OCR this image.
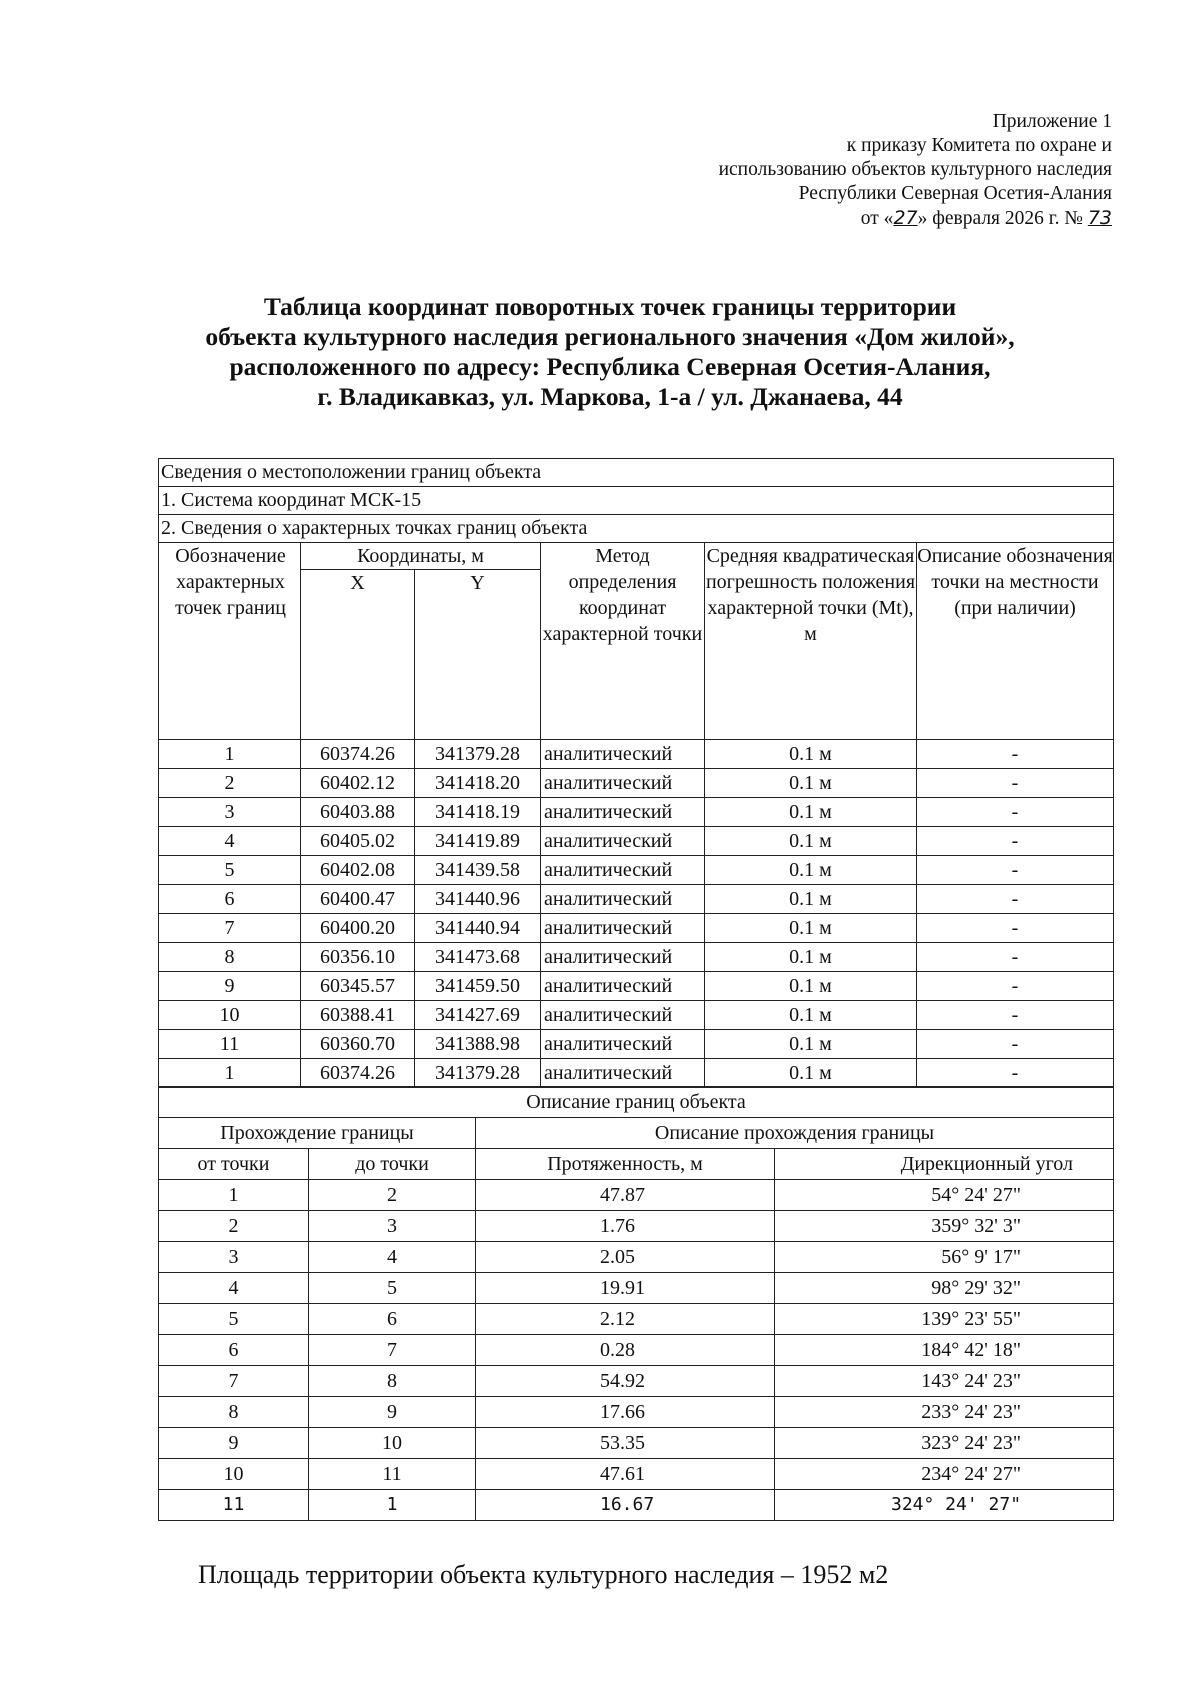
Приложение 1
к приказу Комитета по охране и
использованию объектов культурного наследия
Республики Северная Осетия-Алания
от «27» февраля 2026 г. № 73
Таблица координат поворотных точек границы территории
объекта культурного наследия регионального значения «Дом жилой»,
расположенного по адресу: Республика Северная Осетия-Алания,
г. Владикавказ, ул. Маркова, 1-а / ул. Джанаева, 44
Сведения о местоположении границ объекта					
1. Система координат МСК-15					
2. Сведения о характерных точках границ объекта					
Обозначение характерных точек границ	Координаты, м		Метод определения координат характерной точки	Средняя квадратическая погрешность положения характерной точки (Mt), м	Описание обозначения точки на местности (при наличии)
	X	Y			
1	60374.26	341379.28	аналитический	0.1 м	-
2	60402.12	341418.20	аналитический	0.1 м	-
3	60403.88	341418.19	аналитический	0.1 м	-
4	60405.02	341419.89	аналитический	0.1 м	-
5	60402.08	341439.58	аналитический	0.1 м	-
6	60400.47	341440.96	аналитический	0.1 м	-
7	60400.20	341440.94	аналитический	0.1 м	-
8	60356.10	341473.68	аналитический	0.1 м	-
9	60345.57	341459.50	аналитический	0.1 м	-
10	60388.41	341427.69	аналитический	0.1 м	-
11	60360.70	341388.98	аналитический	0.1 м	-
1	60374.26	341379.28	аналитический	0.1 м	-
Описание границ объекта			
Прохождение границы		Описание прохождения границы	
от точки	до точки	Протяженность, м	Дирекционный угол
1	2	47.87	54° 24' 27"
2	3	1.76	359° 32' 3"
3	4	2.05	56° 9' 17"
4	5	19.91	98° 29' 32"
5	6	2.12	139° 23' 55"
6	7	0.28	184° 42' 18"
7	8	54.92	143° 24' 23"
8	9	17.66	233° 24' 23"
9	10	53.35	323° 24' 23"
10	11	47.61	234° 24' 27"
11	1	16.67	324° 24' 27"
Площадь территории объекта культурного наследия – 1952 м2
